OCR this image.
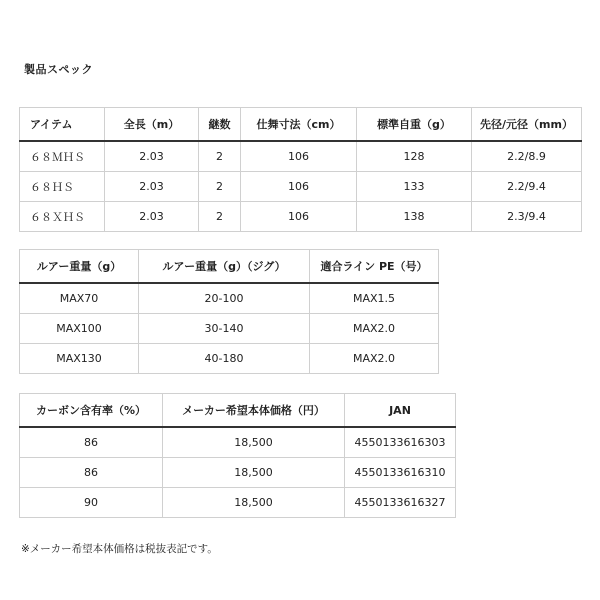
製品スペック
アイテム	全長（m）	継数	仕舞寸法（cm）	標準自重（g）	先径/元径（mm）
６８ＭＨＳ	2.03	2	106	128	2.2/8.9
６８ＨＳ	2.03	2	106	133	2.2/9.4
６８ＸＨＳ	2.03	2	106	138	2.3/9.4
ルアー重量（g）	ルアー重量（g）（ジグ）	適合ライン PE（号）
MAX70	20-100	MAX1.5
MAX100	30-140	MAX2.0
MAX130	40-180	MAX2.0
カーボン含有率（%）	メーカー希望本体価格（円）	JAN
86	18,500	4550133616303
86	18,500	4550133616310
90	18,500	4550133616327
※メーカー希望本体価格は税抜表記です。
